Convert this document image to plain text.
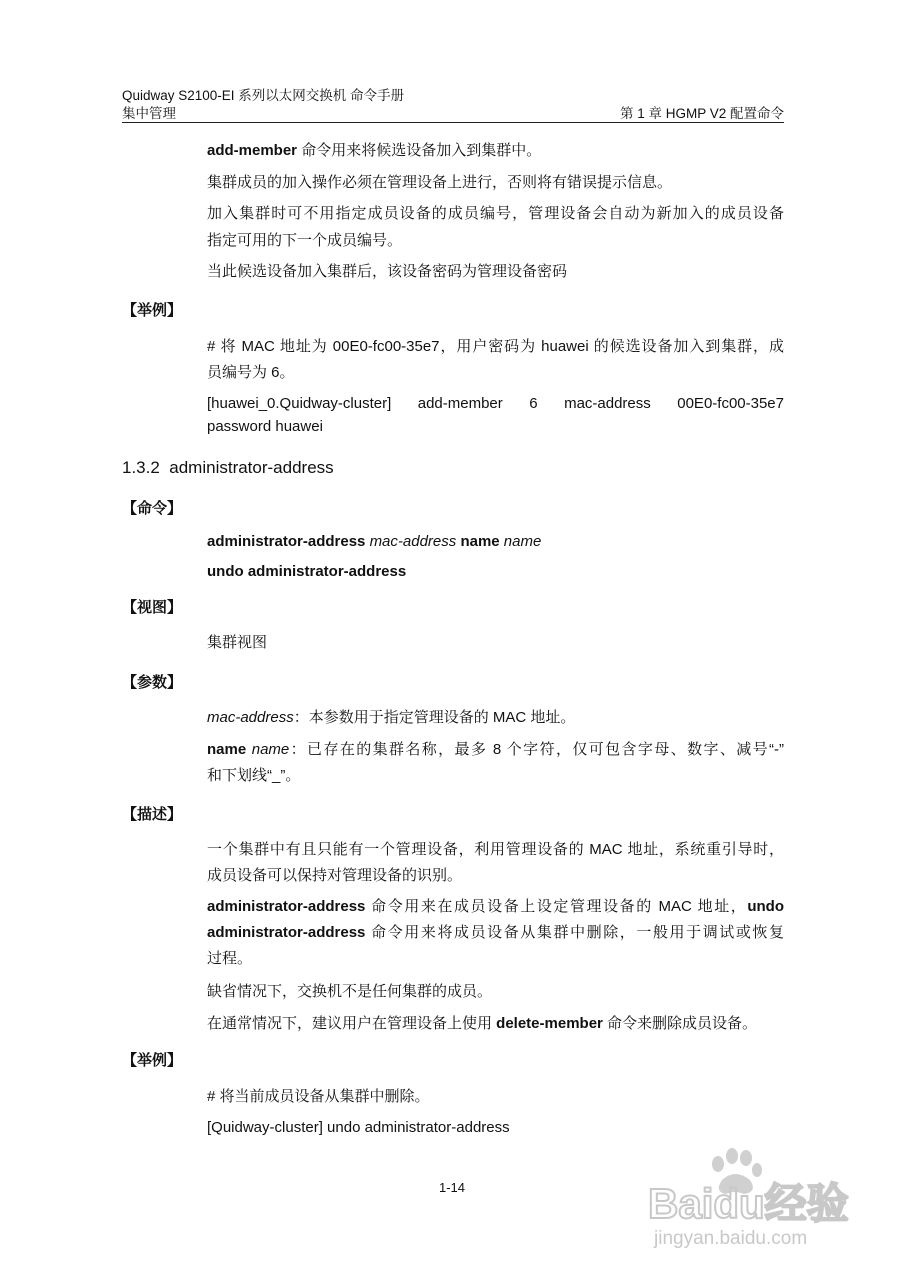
Quidway S2100-EI 系列以太网交换机 命令手册
集中管理	第 1 章 HGMP V2 配置命令

add-member 命令用来将候选设备加入到集群中。

集群成员的加入操作必须在管理设备上进行，否则将有错误提示信息。

加入集群时可不用指定成员设备的成员编号，管理设备会自动为新加入的成员设备

指定可用的下一个成员编号。

当此候选设备加入集群后，该设备密码为管理设备密码

【举例】

# 将 MAC 地址为 00E0-fc00-35e7，用户密码为 huawei 的候选设备加入到集群，成

员编号为 6。

[huawei_0.Quidway-cluster] add-member 6 mac-address 00E0-fc00-35e7

password huawei

1.3.2 administrator-address
【命令】

administrator-address mac-address name name

undo administrator-address

【视图】

集群视图

【参数】

mac-address：本参数用于指定管理设备的 MAC 地址。

name name：已存在的集群名称，最多 8 个字符，仅可包含字母、数字、减号“-”

和下划线“_”。

【描述】

一个集群中有且只能有一个管理设备，利用管理设备的 MAC 地址，系统重引导时，

成员设备可以保持对管理设备的识别。

administrator-address 命令用来在成员设备上设定管理设备的 MAC 地址，undo

administrator-address 命令用来将成员设备从集群中删除，一般用于调试或恢复

过程。

缺省情况下，交换机不是任何集群的成员。

在通常情况下，建议用户在管理设备上使用 delete-member 命令来删除成员设备。

【举例】

# 将当前成员设备从集群中删除。

[Quidway-cluster] undo administrator-address

1-14	Baidu经验
jingyan.baidu.com
